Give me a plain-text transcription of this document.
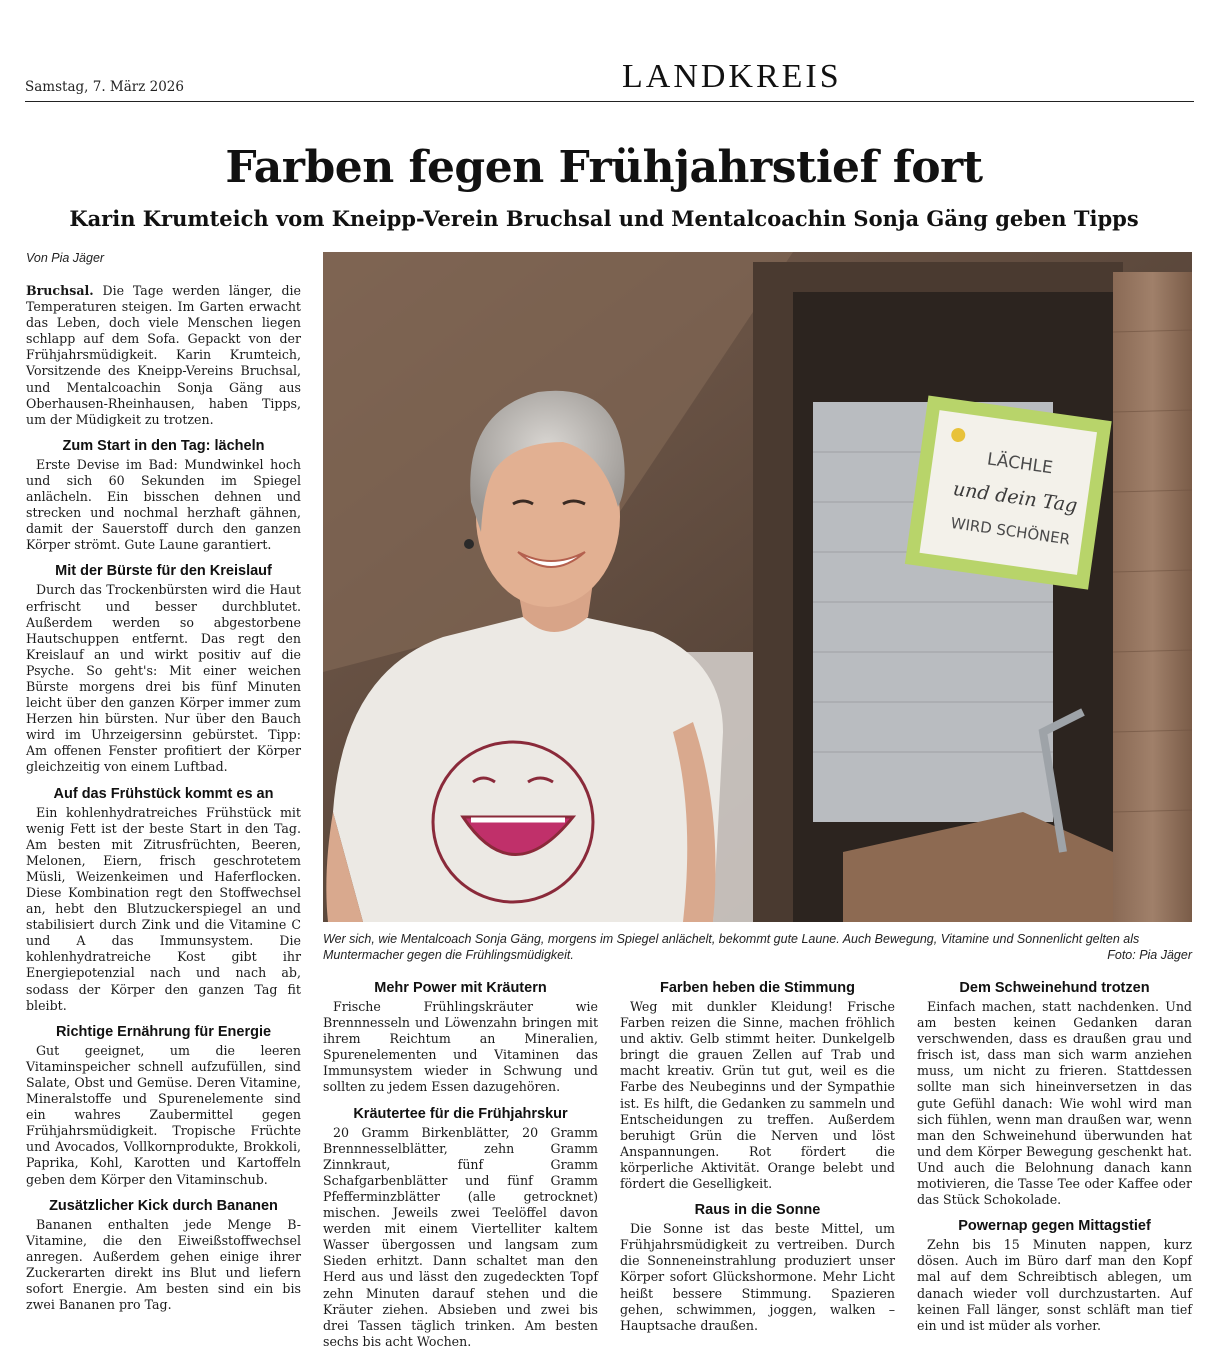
Samstag, 7. März 2026	LANDKREIS
Farben fegen Frühjahrstief fort
Karin Krumteich vom Kneipp-Verein Bruchsal und Mentalcoachin Sonja Gäng geben Tipps
Von Pia Jäger

Bruchsal. Die Tage werden länger, die Temperaturen steigen. Im Garten erwacht das Leben, doch viele Menschen liegen schlapp auf dem Sofa. Gepackt von der Frühjahrsmüdigkeit. Karin Krumteich, Vorsitzende des Kneipp-Vereins Bruchsal, und Mentalcoachin Sonja Gäng aus Oberhausen-Rheinhausen, haben Tipps, um der Müdigkeit zu trotzen.

Zum Start in den Tag: lächeln

Erste Devise im Bad: Mundwinkel hoch und sich 60 Sekunden im Spiegel anlächeln. Ein bisschen dehnen und strecken und nochmal herzhaft gähnen, damit der Sauerstoff durch den ganzen Körper strömt. Gute Laune garantiert.

Mit der Bürste für den Kreislauf

Durch das Trockenbürsten wird die Haut erfrischt und besser durchblutet. Außerdem werden so abgestorbene Hautschuppen entfernt. Das regt den Kreislauf an und wirkt positiv auf die Psyche. So geht's: Mit einer weichen Bürste morgens drei bis fünf Minuten leicht über den ganzen Körper immer zum Herzen hin bürsten. Nur über den Bauch wird im Uhrzeigersinn gebürstet. Tipp: Am offenen Fenster profitiert der Körper gleichzeitig von einem Luftbad.

Auf das Frühstück kommt es an

Ein kohlenhydratreiches Frühstück mit wenig Fett ist der beste Start in den Tag. Am besten mit Zitrusfrüchten, Beeren, Melonen, Eiern, frisch geschrotetem Müsli, Weizenkeimen und Haferflocken. Diese Kombination regt den Stoffwechsel an, hebt den Blutzuckerspiegel an und stabilisiert durch Zink und die Vitamine C und A das Immunsystem. Die kohlenhydratreiche Kost gibt ihr Energiepotenzial nach und nach ab, sodass der Körper den ganzen Tag fit bleibt.

Richtige Ernährung für Energie

Gut geeignet, um die leeren Vitaminspeicher schnell aufzufüllen, sind Salate, Obst und Gemüse. Deren Vitamine, Mineralstoffe und Spurenelemente sind ein wahres Zaubermittel gegen Frühjahrsmüdigkeit. Tropische Früchte und Avocados, Vollkornprodukte, Brokkoli, Paprika, Kohl, Karotten und Kartoffeln geben dem Körper den Vitaminschub.

Zusätzlicher Kick durch Bananen

Bananen enthalten jede Menge B-Vitamine, die den Eiweißstoffwechsel anregen. Außerdem gehen einige ihrer Zuckerarten direkt ins Blut und liefern sofort Energie. Am besten sind ein bis zwei Bananen pro Tag.

LÄCHLE
und dein Tag
WIRD SCHÖNER
Wer sich, wie Mentalcoach Sonja Gäng, morgens im Spiegel anlächelt, bekommt gute Laune. Auch Bewegung, Vitamine und Sonnenlicht gelten als Muntermacher gegen die Frühlingsmüdigkeit.	Foto: Pia Jäger
Mehr Power mit Kräutern

Frische Frühlingskräuter wie Brennnesseln und Löwenzahn bringen mit ihrem Reichtum an Mineralien, Spurenelementen und Vitaminen das Immunsystem wieder in Schwung und sollten zu jedem Essen dazugehören.

Kräutertee für die Frühjahrskur

20 Gramm Birkenblätter, 20 Gramm Brennnesselblätter, zehn Gramm Zinnkraut, fünf Gramm Schafgarbenblätter und fünf Gramm Pfefferminzblätter (alle getrocknet) mischen. Jeweils zwei Teelöffel davon werden mit einem Viertelliter kaltem Wasser übergossen und langsam zum Sieden erhitzt. Dann schaltet man den Herd aus und lässt den zugedeckten Topf zehn Minuten darauf stehen und die Kräuter ziehen. Absieben und zwei bis drei Tassen täglich trinken. Am besten sechs bis acht Wochen.

Farben heben die Stimmung

Weg mit dunkler Kleidung! Frische Farben reizen die Sinne, machen fröhlich und aktiv. Gelb stimmt heiter. Dunkelgelb bringt die grauen Zellen auf Trab und macht kreativ. Grün tut gut, weil es die Farbe des Neubeginns und der Sympathie ist. Es hilft, die Gedanken zu sammeln und Entscheidungen zu treffen. Außerdem beruhigt Grün die Nerven und löst Anspannungen. Rot fördert die körperliche Aktivität. Orange belebt und fördert die Geselligkeit.

Raus in die Sonne

Die Sonne ist das beste Mittel, um Frühjahrsmüdigkeit zu vertreiben. Durch die Sonneneinstrahlung produziert unser Körper sofort Glückshormone. Mehr Licht heißt bessere Stimmung. Spazieren gehen, schwimmen, joggen, walken – Hauptsache draußen.

Dem Schweinehund trotzen

Einfach machen, statt nachdenken. Und am besten keinen Gedanken daran verschwenden, dass es draußen grau und frisch ist, dass man sich warm anziehen muss, um nicht zu frieren. Stattdessen sollte man sich hineinversetzen in das gute Gefühl danach: Wie wohl wird man sich fühlen, wenn man draußen war, wenn man den Schweinehund überwunden hat und dem Körper Bewegung geschenkt hat. Und auch die Belohnung danach kann motivieren, die Tasse Tee oder Kaffee oder das Stück Schokolade.

Powernap gegen Mittagstief

Zehn bis 15 Minuten nappen, kurz dösen. Auch im Büro darf man den Kopf mal auf dem Schreibtisch ablegen, um danach wieder voll durchzustarten. Auf keinen Fall länger, sonst schläft man tief ein und ist müder als vorher.
